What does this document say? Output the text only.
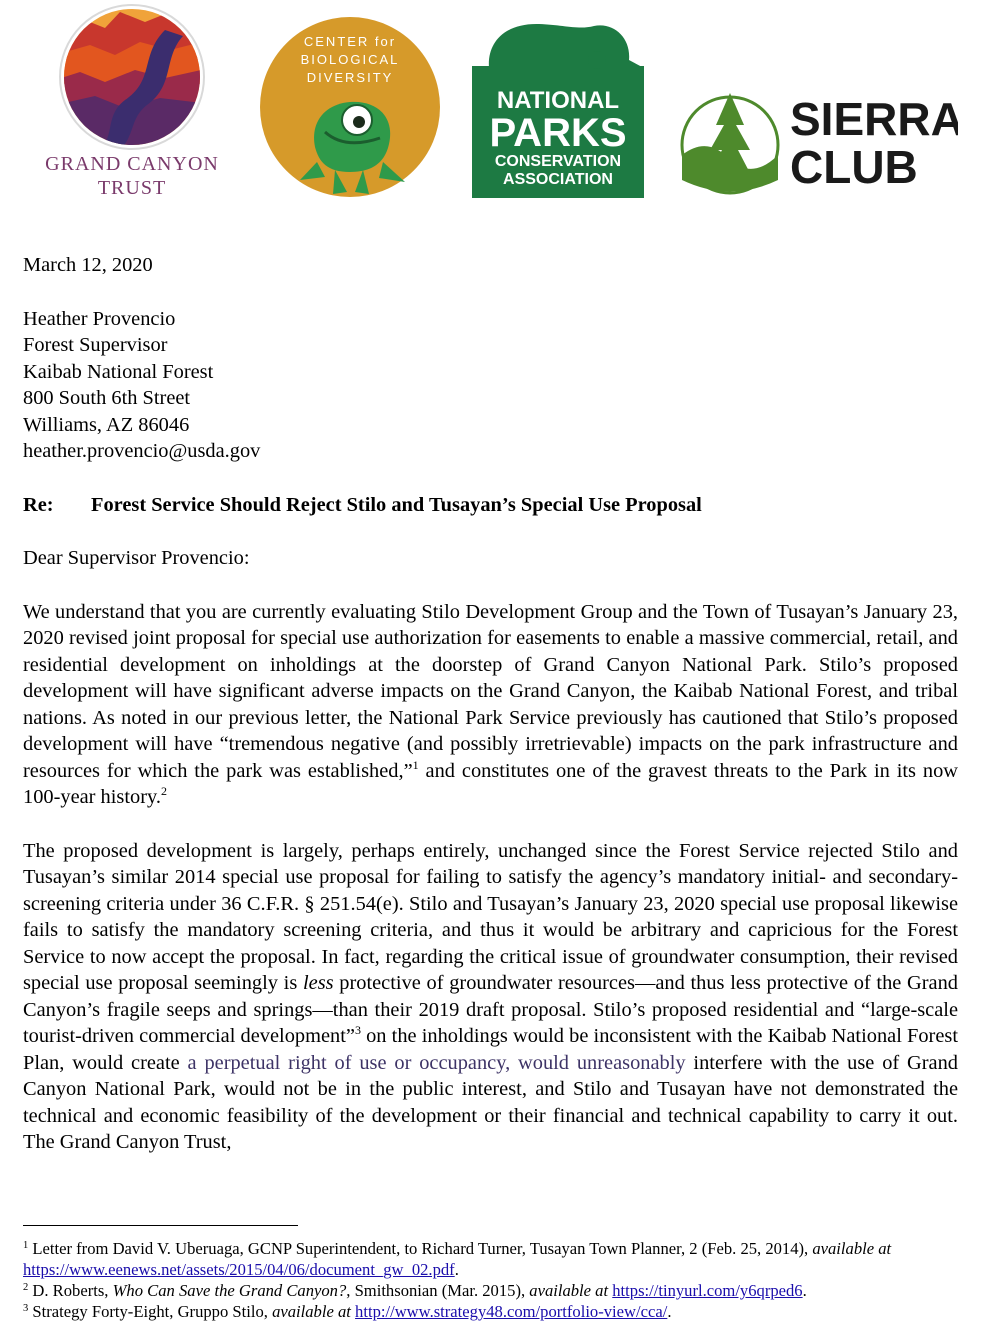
GRAND CANYON
TRUST
CENTER for
BIOLOGICAL
DIVERSITY
NATIONAL
PARKS
CONSERVATION
ASSOCIATION
SIERRA
CLUB

March 12, 2020

Heather Provencio

Forest Supervisor

Kaibab National Forest

800 South 6th Street

Williams, AZ 86046

heather.provencio@usda.gov

Re: Forest Service Should Reject Stilo and Tusayan’s Special Use Proposal

Dear Supervisor Provencio:

We understand that you are currently evaluating Stilo Development Group and the Town of Tusayan’s January 23, 2020 revised joint proposal for special use authorization for easements to enable a massive commercial, retail, and residential development on inholdings at the doorstep of Grand Canyon National Park. Stilo’s proposed development will have significant adverse impacts on the Grand Canyon, the Kaibab National Forest, and tribal nations. As noted in our previous letter, the National Park Service previously has cautioned that Stilo’s proposed development will have “tremendous negative (and possibly irretrievable) impacts on the park infrastructure and resources for which the park was established,”$^1$ and constitutes one of the gravest threats to the Park in its now 100-year history.$^2$

The proposed development is largely, perhaps entirely, unchanged since the Forest Service rejected Stilo and Tusayan’s similar 2014 special use proposal for failing to satisfy the agency’s mandatory initial- and secondary-screening criteria under 36 C.F.R. § 251.54(e). Stilo and Tusayan’s January 23, 2020 special use proposal likewise fails to satisfy the mandatory screening criteria, and thus it would be arbitrary and capricious for the Forest Service to now accept the proposal. In fact, regarding the critical issue of groundwater consumption, their revised special use proposal seemingly is less protective of groundwater resources—and thus less protective of the Grand Canyon’s fragile seeps and springs—than their 2019 draft proposal. Stilo’s proposed residential and “large-scale tourist-driven commercial development”$^3$ on the inholdings would be inconsistent with the Kaibab National Forest Plan, would create a perpetual right of use or occupancy, would unreasonably interfere with the use of Grand Canyon National Park, would not be in the public interest, and Stilo and Tusayan have not demonstrated the technical and economic feasibility of the development or their financial and technical capability to carry it out. The Grand Canyon Trust,

$^1$ Letter from David V. Uberuaga, GCNP Superintendent, to Richard Turner, Tusayan Town Planner, 2 (Feb. 25, 2014), available at https://www.eenews.net/assets/2015/04/06/document_gw_02.pdf.

$^2$ D. Roberts, Who Can Save the Grand Canyon?, Smithsonian (Mar. 2015), available at https://tinyurl.com/y6qrped6.

$^3$ Strategy Forty-Eight, Gruppo Stilo, available at http://www.strategy48.com/portfolio-view/cca/.
